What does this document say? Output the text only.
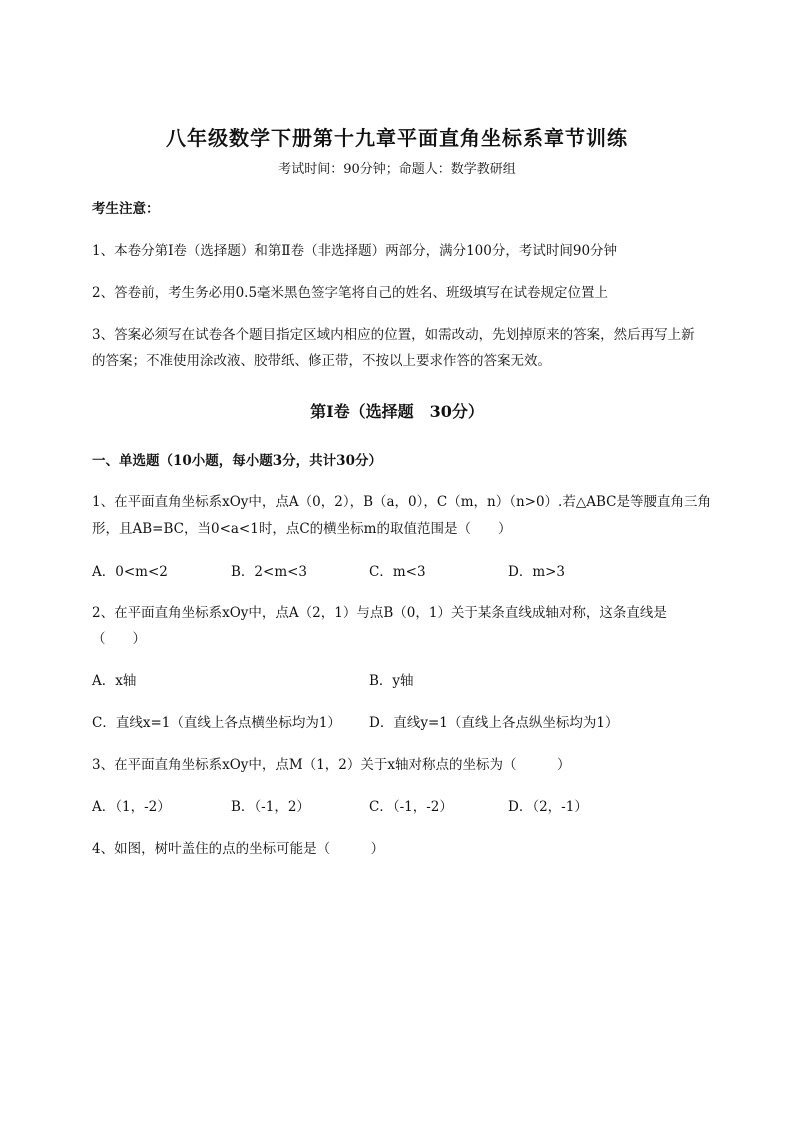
八年级数学下册第十九章平面直角坐标系章节训练
考试时间：90分钟；命题人：数学教研组
考生注意：
1、本卷分第I卷（选择题）和第Ⅱ卷（非选择题）两部分，满分100分，考试时间90分钟
2、答卷前，考生务必用0.5毫米黑色签字笔将自己的姓名、班级填写在试卷规定位置上
3、答案必须写在试卷各个题目指定区域内相应的位置，如需改动，先划掉原来的答案，然后再写上新
的答案；不准使用涂改液、胶带纸、修正带，不按以上要求作答的答案无效。
第I卷（选择题　30分）
一、单选题（10小题，每小题3分，共计30分）
1、在平面直角坐标系xOy中，点A（0，2），B（a，0），C（m，n）（n>0）.若△ABC是等腰直角三角
形，且AB=BC，当0<a<1时，点C的横坐标m的取值范围是（　　）
A．0<m<2	B．2<m<3	C．m<3	D．m>3
2、在平面直角坐标系xOy中，点A（2，1）与点B（0，1）关于某条直线成轴对称，这条直线是
（　　）
A．x轴	B．y轴
C．直线x=1（直线上各点横坐标均为1） D．直线y=1（直线上各点纵坐标均为1）
3、在平面直角坐标系xOy中，点M（1，2）关于x轴对称点的坐标为（　　　）
A．（1，-2）	B．（-1，2）	C．（-1，-2）	D．（2，-1）
4、如图，树叶盖住的点的坐标可能是（　　　）
